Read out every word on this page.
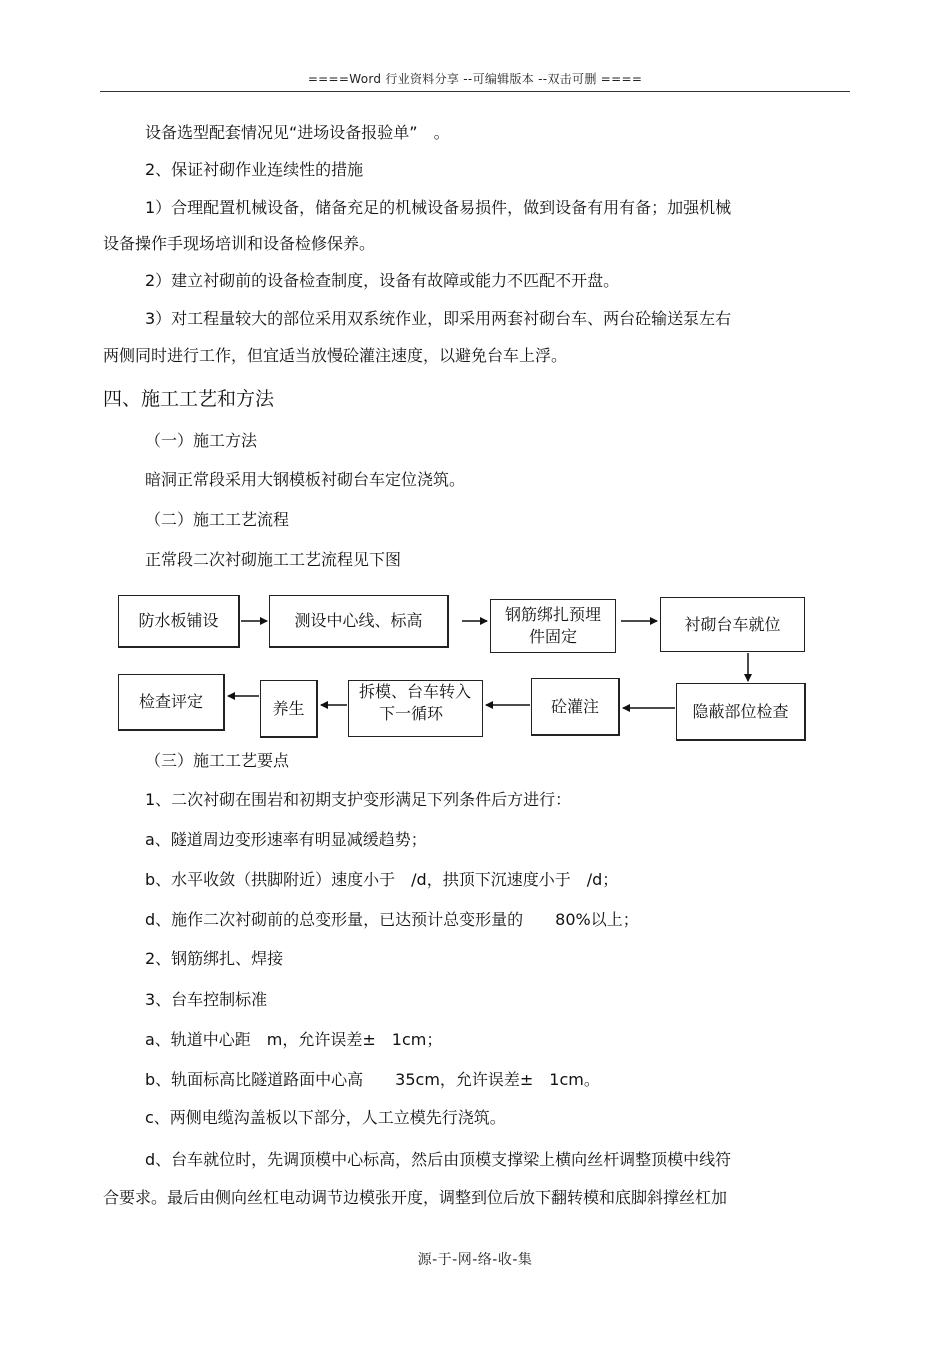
====Word 行业资料分享 --可编辑版本 --双击可删 ====
设备选型配套情况见“进场设备报验单”　。
2、保证衬砌作业连续性的措施
1）合理配置机械设备，储备充足的机械设备易损件，做到设备有用有备；加强机械
设备操作手现场培训和设备检修保养。
2）建立衬砌前的设备检查制度，设备有故障或能力不匹配不开盘。
3）对工程量较大的部位采用双系统作业，即采用两套衬砌台车、两台砼输送泵左右
两侧同时进行工作，但宜适当放慢砼灌注速度，以避免台车上浮。
四、施工工艺和方法
（一）施工方法
暗洞正常段采用大钢模板衬砌台车定位浇筑。
（二）施工工艺流程
正常段二次衬砌施工工艺流程见下图
防水板铺设	测设中心线、标高	钢筋绑扎预埋
件固定
衬砌台车就位
隐蔽部位检查
砼灌注
拆模、台车转入
下一循环
养生
检查评定
（三）施工工艺要点
1、二次衬砌在围岩和初期支护变形满足下列条件后方进行：
a、隧道周边变形速率有明显减缓趋势；
b、水平收敛（拱脚附近）速度小于　/d，拱顶下沉速度小于　/d；
d、施作二次衬砌前的总变形量，已达预计总变形量的　　80%以上；
2、钢筋绑扎、焊接
3、台车控制标准
a、轨道中心距　m，允许误差±　1cm；
b、轨面标高比隧道路面中心高　　35cm，允许误差±　1cm。
c、两侧电缆沟盖板以下部分，人工立模先行浇筑。
d、台车就位时，先调顶模中心标高，然后由顶模支撑梁上横向丝杆调整顶模中线符
合要求。最后由侧向丝杠电动调节边模张开度，调整到位后放下翻转模和底脚斜撑丝杠加
源-于-网-络-收-集
